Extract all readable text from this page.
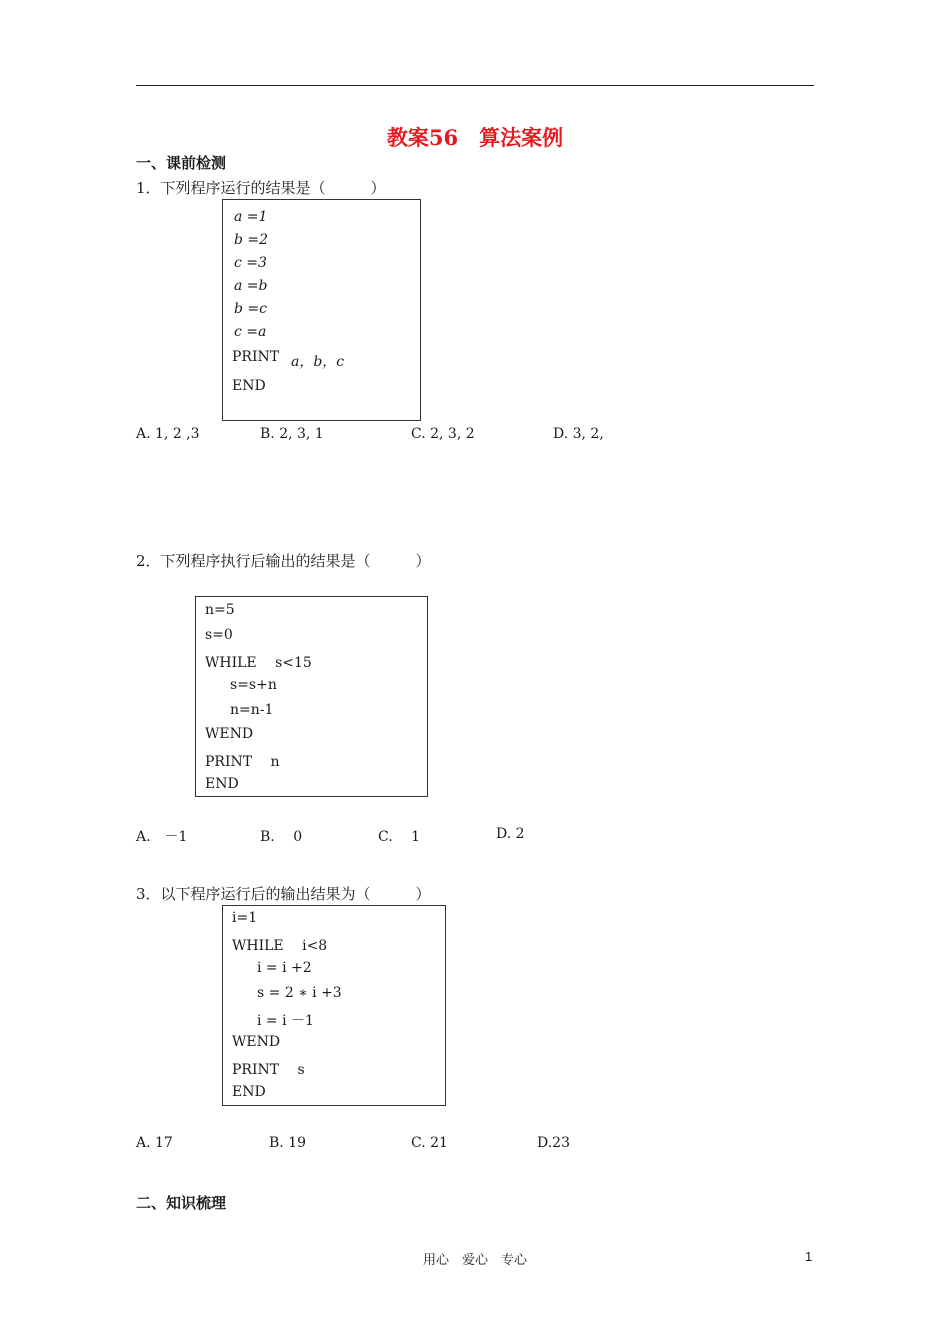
教案56　算法案例
一、课前检测
1．下列程序运行的结果是（　　　）
a =1
b =2
c =3
a =b
b =c
c =a
PRINT a，b，c
END

A. 1, 2 ,3

	B. 2, 3, 1

	C. 2, 3, 2

	D. 3, 2,

2．下列程序执行后输出的结果是（　　　）
n=5
s=0
WHILE　 s<15
s=s+n
n=n-1
WEND
PRINT　 n
END

A.　－1

	B.　 0

	C.　 1

	D. 2

3．以下程序运行后的输出结果为（　　　）
i=1
WHILE　 i<8
i = i +2
s = 2 ∗ i +3
i = i －1
WEND
PRINT　 s
END

A. 17

	B. 19

	C. 21

	D.23

二、知识梳理
用心　爱心　专心	1
